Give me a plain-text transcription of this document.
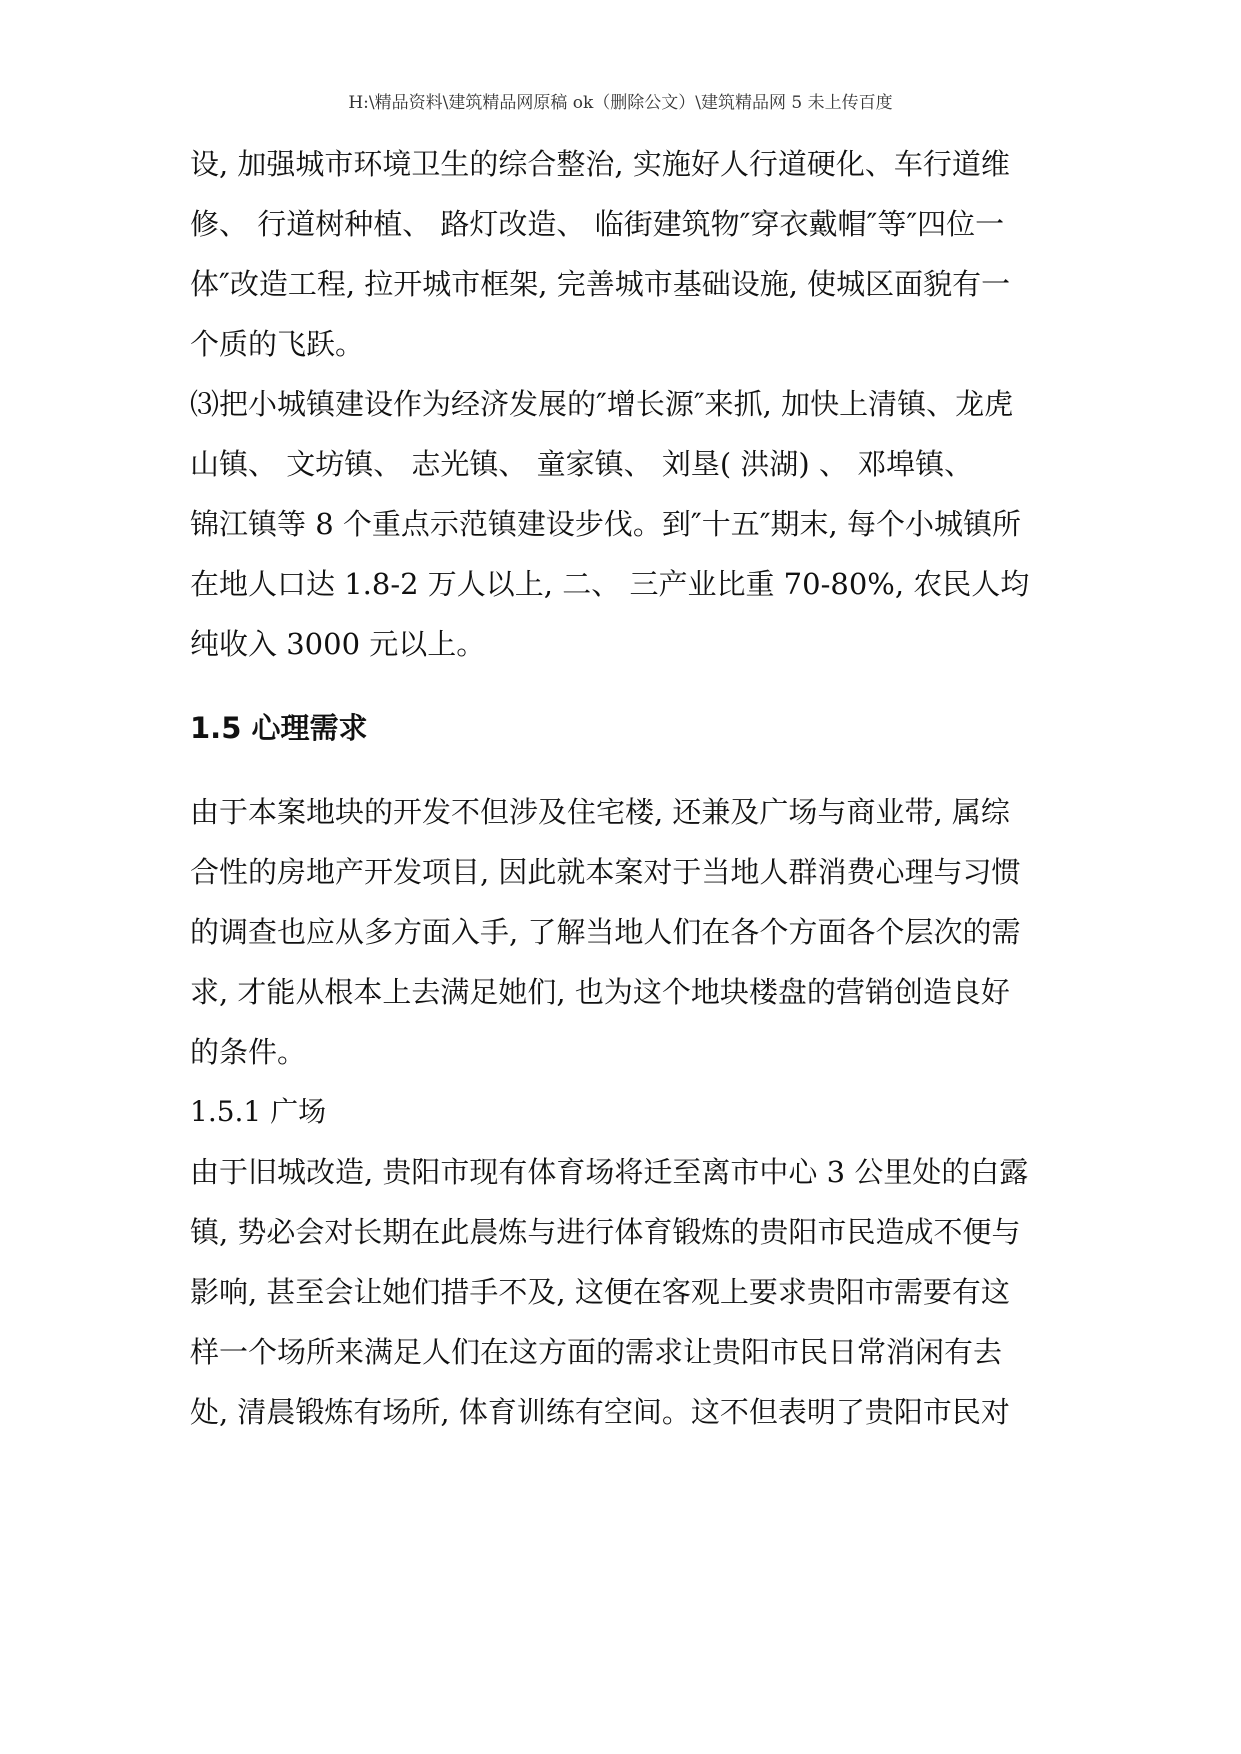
H:\精品资料\建筑精品网原稿 ok（删除公文）\建筑精品网 5 未上传百度
设, 加强城市环境卫生的综合整治, 实施好人行道硬化、车行道维
修、 行道树种植、 路灯改造、 临街建筑物″穿衣戴帽″等″四位一
体″改造工程, 拉开城市框架, 完善城市基础设施, 使城区面貌有一
个质的飞跃。
⑶把小城镇建设作为经济发展的″增长源″来抓, 加快上清镇、龙虎
山镇、 文坊镇、 志光镇、 童家镇、 刘垦( 洪湖) 、 邓埠镇、
锦江镇等 8 个重点示范镇建设步伐。到″十五″期末, 每个小城镇所
在地人口达 1.8-2 万人以上, 二、 三产业比重 70-80%, 农民人均
纯收入 3000 元以上。
1.5 心理需求
由于本案地块的开发不但涉及住宅楼, 还兼及广场与商业带, 属综
合性的房地产开发项目, 因此就本案对于当地人群消费心理与习惯
的调查也应从多方面入手, 了解当地人们在各个方面各个层次的需
求, 才能从根本上去满足她们, 也为这个地块楼盘的营销创造良好
的条件。
1.5.1 广场
由于旧城改造, 贵阳市现有体育场将迁至离市中心 3 公里处的白露
镇, 势必会对长期在此晨炼与进行体育锻炼的贵阳市民造成不便与
影响, 甚至会让她们措手不及, 这便在客观上要求贵阳市需要有这
样一个场所来满足人们在这方面的需求让贵阳市民日常消闲有去
处, 清晨锻炼有场所, 体育训练有空间。这不但表明了贵阳市民对
